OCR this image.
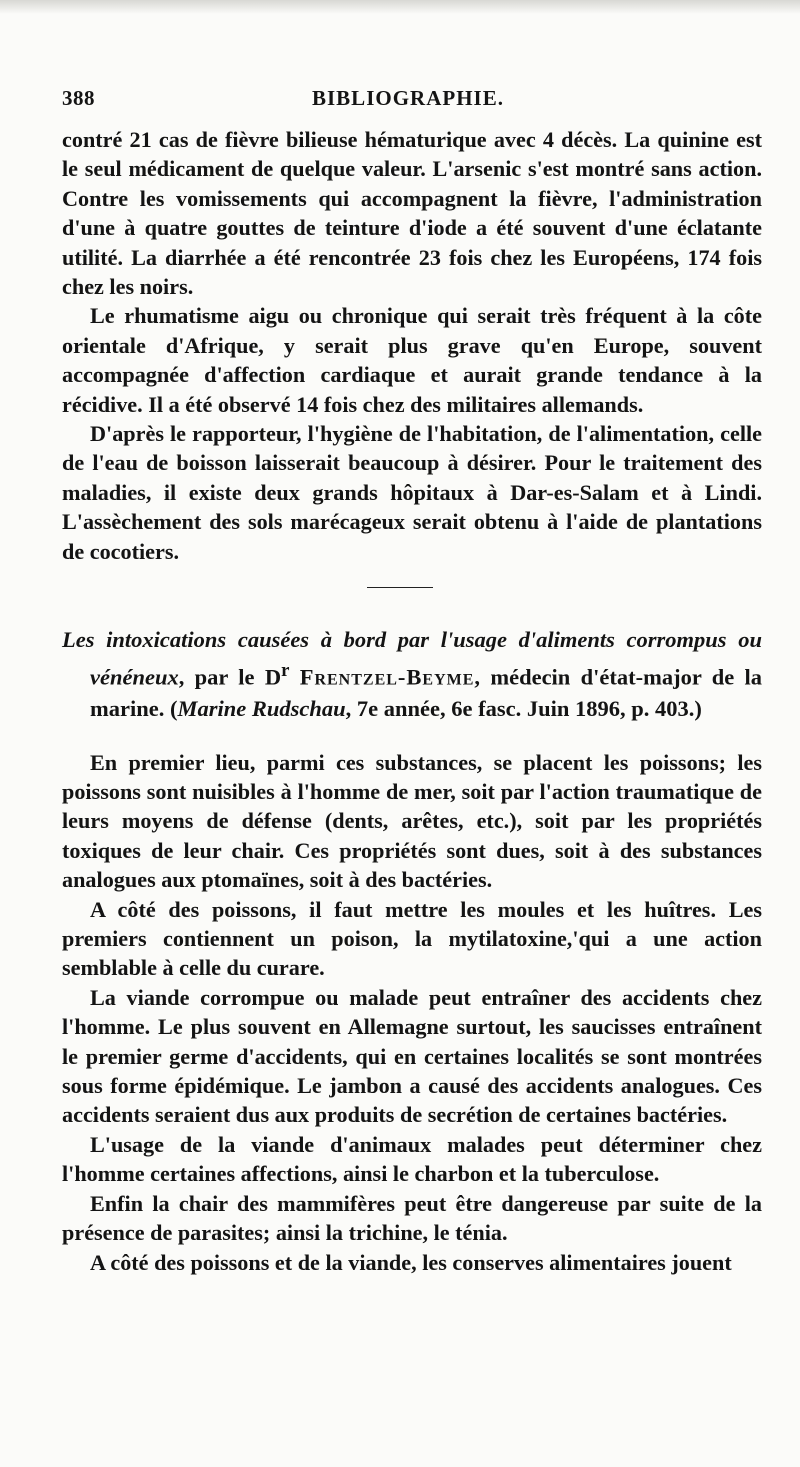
388	BIBLIOGRAPHIE.

contré 21 cas de fièvre bilieuse hématurique avec 4 décès. La quinine est le seul médicament de quelque valeur. L'arsenic s'est montré sans action. Contre les vomissements qui accompagnent la fièvre, l'administration d'une à quatre gouttes de teinture d'iode a été souvent d'une éclatante utilité. La diarrhée a été rencontrée 23 fois chez les Européens, 174 fois chez les noirs.

Le rhumatisme aigu ou chronique qui serait très fréquent à la côte orientale d'Afrique, y serait plus grave qu'en Europe, souvent accompagnée d'affection cardiaque et aurait grande tendance à la récidive. Il a été observé 14 fois chez des militaires allemands.

D'après le rapporteur, l'hygiène de l'habitation, de l'alimentation, celle de l'eau de boisson laisserait beaucoup à désirer. Pour le traitement des maladies, il existe deux grands hôpitaux à Dar-es-Salam et à Lindi. L'assèchement des sols marécageux serait obtenu à l'aide de plantations de cocotiers.

Les intoxications causées à bord par l'usage d'aliments corrompus ou vénéneux, par le $D^r$ Frentzel-Beyme, médecin d'état-major de la marine. (Marine Rudschau, 7e année, 6e fasc. Juin 1896, p. 403.)

En premier lieu, parmi ces substances, se placent les poissons; les poissons sont nuisibles à l'homme de mer, soit par l'action traumatique de leurs moyens de défense (dents, arêtes, etc.), soit par les propriétés toxiques de leur chair. Ces propriétés sont dues, soit à des substances analogues aux ptomaïnes, soit à des bactéries.

A côté des poissons, il faut mettre les moules et les huîtres. Les premiers contiennent un poison, la mytilatoxine,'qui a une action semblable à celle du curare.

La viande corrompue ou malade peut entraîner des accidents chez l'homme. Le plus souvent en Allemagne surtout, les saucisses entraînent le premier germe d'accidents, qui en certaines localités se sont montrées sous forme épidémique. Le jambon a causé des accidents analogues. Ces accidents seraient dus aux produits de secrétion de certaines bactéries.

L'usage de la viande d'animaux malades peut déterminer chez l'homme certaines affections, ainsi le charbon et la tuberculose.

Enfin la chair des mammifères peut être dangereuse par suite de la présence de parasites; ainsi la trichine, le ténia.

A côté des poissons et de la viande, les conserves alimentaires jouent
